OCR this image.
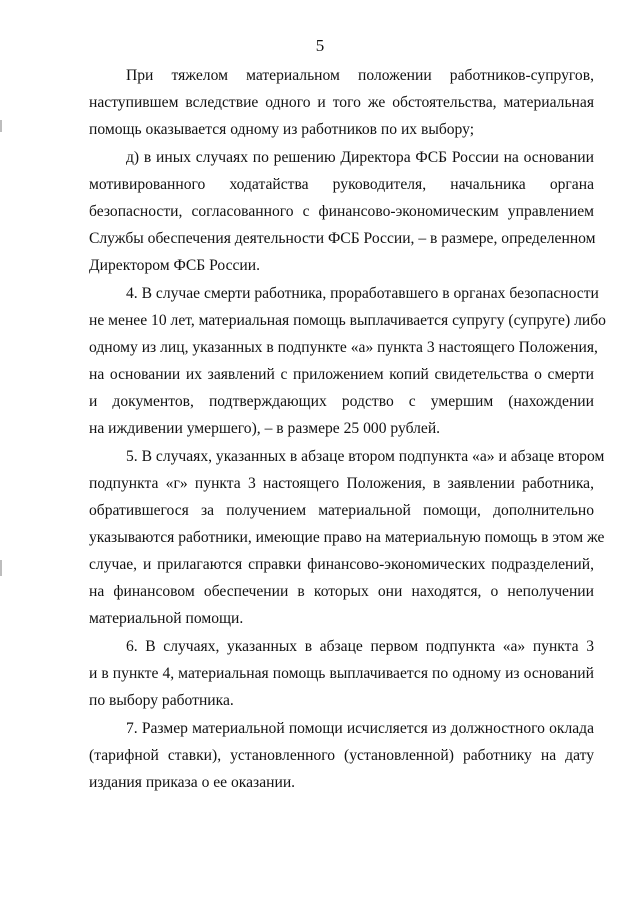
5
При тяжелом материальном положении работников-супругов,
наступившем вследствие одного и того же обстоятельства, материальная
помощь оказывается одному из работников по их выбору;
д) в иных случаях по решению Директора ФСБ России на основании
мотивированного ходатайства руководителя, начальника органа
безопасности, согласованного с финансово-экономическим управлением
Службы обеспечения деятельности ФСБ России, – в размере, определенном
Директором ФСБ России.
4. В случае смерти работника, проработавшего в органах безопасности
не менее 10 лет, материальная помощь выплачивается супругу (супруге) либо
одному из лиц, указанных в подпункте «а» пункта 3 настоящего Положения,
на основании их заявлений с приложением копий свидетельства о смерти
и документов, подтверждающих родство с умершим (нахождении
на иждивении умершего), – в размере 25 000 рублей.
5. В случаях, указанных в абзаце втором подпункта «а» и абзаце втором
подпункта «г» пункта 3 настоящего Положения, в заявлении работника,
обратившегося за получением материальной помощи, дополнительно
указываются работники, имеющие право на материальную помощь в этом же
случае, и прилагаются справки финансово-экономических подразделений,
на финансовом обеспечении в которых они находятся, о неполучении
материальной помощи.
6. В случаях, указанных в абзаце первом подпункта «а» пункта 3
и в пункте 4, материальная помощь выплачивается по одному из оснований
по выбору работника.
7. Размер материальной помощи исчисляется из должностного оклада
(тарифной ставки), установленного (установленной) работнику на дату
издания приказа о ее оказании.
